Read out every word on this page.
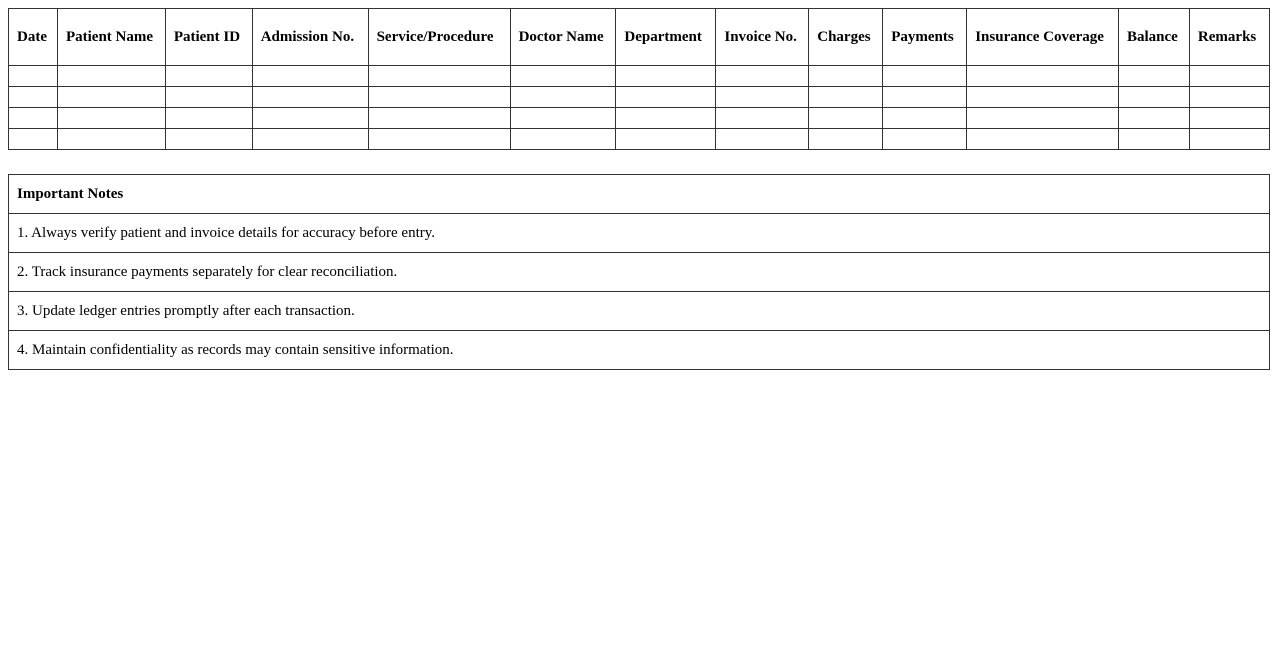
Date	Patient Name	Patient ID	Admission No.	Service/Procedure	Doctor Name	Department	Invoice No.	Charges	Payments	Insurance Coverage	Balance	Remarks

Important Notes
1. Always verify patient and invoice details for accuracy before entry.
2. Track insurance payments separately for clear reconciliation.
3. Update ledger entries promptly after each transaction.
4. Maintain confidentiality as records may contain sensitive information.
